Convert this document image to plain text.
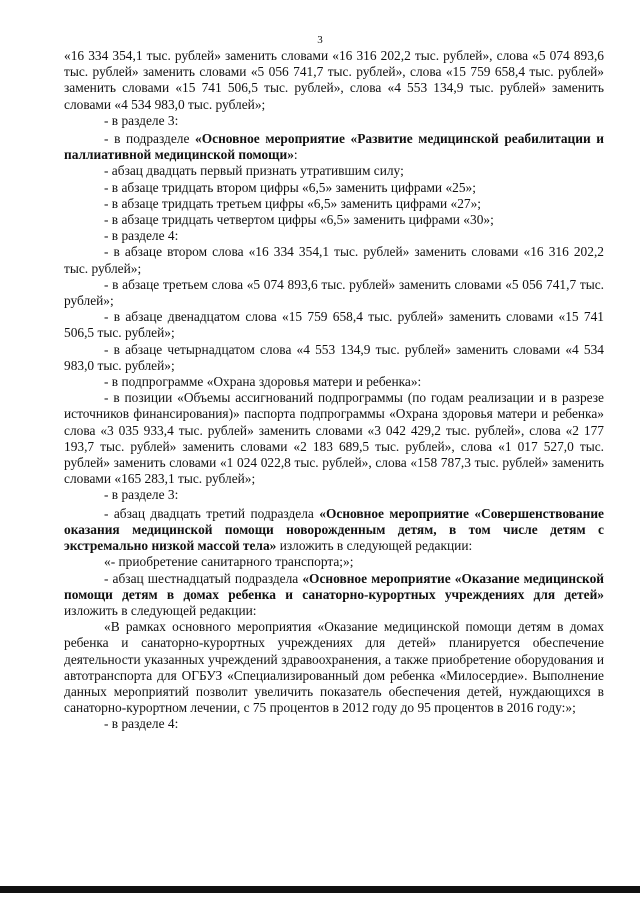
3

«16 334 354,1 тыс. рублей» заменить словами «16 316 202,2 тыс. рублей», слова «5 074 893,6 тыс. рублей» заменить словами «5 056 741,7 тыс. рублей», слова «15 759 658,4 тыс. рублей» заменить словами «15 741 506,5 тыс. рублей», слова «4 553 134,9 тыс. рублей» заменить словами «4 534 983,0 тыс. рублей»;

- в разделе 3:

- в подразделе «Основное мероприятие «Развитие медицинской реабилитации и паллиативной медицинской помощи»:

- абзац двадцать первый признать утратившим силу;

- в абзаце тридцать втором цифры «6,5» заменить цифрами «25»;

- в абзаце тридцать третьем цифры «6,5» заменить цифрами «27»;

- в абзаце тридцать четвертом цифры «6,5» заменить цифрами «30»;

- в разделе 4:

- в абзаце втором слова «16 334 354,1 тыс. рублей» заменить словами «16 316 202,2 тыс. рублей»;

- в абзаце третьем слова «5 074 893,6 тыс. рублей» заменить словами «5 056 741,7 тыс. рублей»;

- в абзаце двенадцатом слова «15 759 658,4 тыс. рублей» заменить словами «15 741 506,5 тыс. рублей»;

- в абзаце четырнадцатом слова «4 553 134,9 тыс. рублей» заменить словами «4 534 983,0 тыс. рублей»;

- в подпрограмме «Охрана здоровья матери и ребенка»:

- в позиции «Объемы ассигнований подпрограммы (по годам реализации и в разрезе источников финансирования)» паспорта подпрограммы «Охрана здоровья матери и ребенка» слова «3 035 933,4 тыс. рублей» заменить словами «3 042 429,2 тыс. рублей», слова «2 177 193,7 тыс. рублей» заменить словами «2 183 689,5 тыс. рублей», слова «1 017 527,0 тыс. рублей» заменить словами «1 024 022,8 тыс. рублей», слова «158 787,3 тыс. рублей» заменить словами «165 283,1 тыс. рублей»;

- в разделе 3:

- абзац двадцать третий подраздела «Основное мероприятие «Совершенствование оказания медицинской помощи новорожденным детям, в том числе детям с экстремально низкой массой тела» изложить в следующей редакции:

«- приобретение санитарного транспорта;»;

- абзац шестнадцатый подраздела «Основное мероприятие «Оказание медицинской помощи детям в домах ребенка и санаторно-курортных учреждениях для детей» изложить в следующей редакции:

«В рамках основного мероприятия «Оказание медицинской помощи детям в домах ребенка и санаторно-курортных учреждениях для детей» планируется обеспечение деятельности указанных учреждений здравоохранения, а также приобретение оборудования и автотранспорта для ОГБУЗ «Специализированный дом ребенка «Милосердие». Выполнение данных мероприятий позволит увеличить показатель обеспечения детей, нуждающихся в санаторно-курортном лечении, с 75 процентов в 2012 году до 95 процентов в 2016 году:»;

- в разделе 4:
